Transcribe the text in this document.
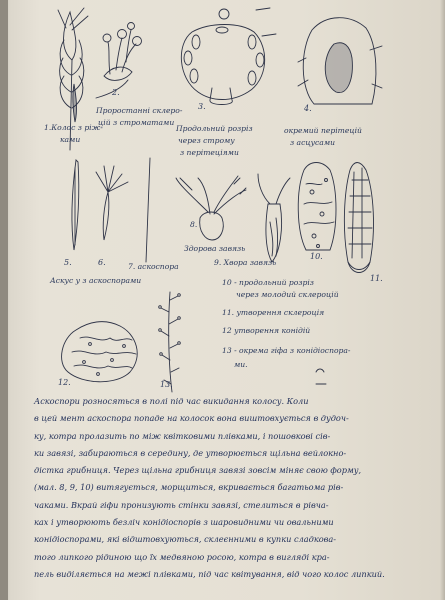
1.Колос з ріж-
ками
2.
Проростанні склеро-
цій з строматами
3.
Продольний розріз
через строму
з перітеціями
4.
окремий перітецій
з асцусами
5.	6.	7. аскоспора
Аскус у з аскоспорами
8.
Здорова завязь
9. Хвора завязь
10.
11.
10 - продольний розріз
через молодий склероцій
11. утворення склероція
12 утворення конідій
13 - окрема гіфа з конідіоспора-
ми.
12.	13.
Аскоспори розносяться в полі під час викидання колосу. Коли
в цей мент аскоспора попаде на колосок вона виштовхується в дудоч-
ку, котра пролазить по між квітковими плівками, і пошовкові сів-
ки завязі, забираються в середину, де утворюється щільна вейлокно-
дістка грибниця. Через щільна грибниця завязі зовсім міняє свою форму,
(мал. 8, 9, 10) витягується, морщиться, вкривається багатьома рів-
чаками. Вкрай гіфи пронизують стінки завязі, стелиться в рівча-
ках і утворюють безліч конідіоспорів з шаровидними чи овальними
конідіоспорами, які відштовхуються, склеєнними в купки сладкова-
того липкого рідиною що їх медвяною росою, котра в вигляді кра-
пель виділяється на межі плівками, під час квітування, від чого колос липкий.
